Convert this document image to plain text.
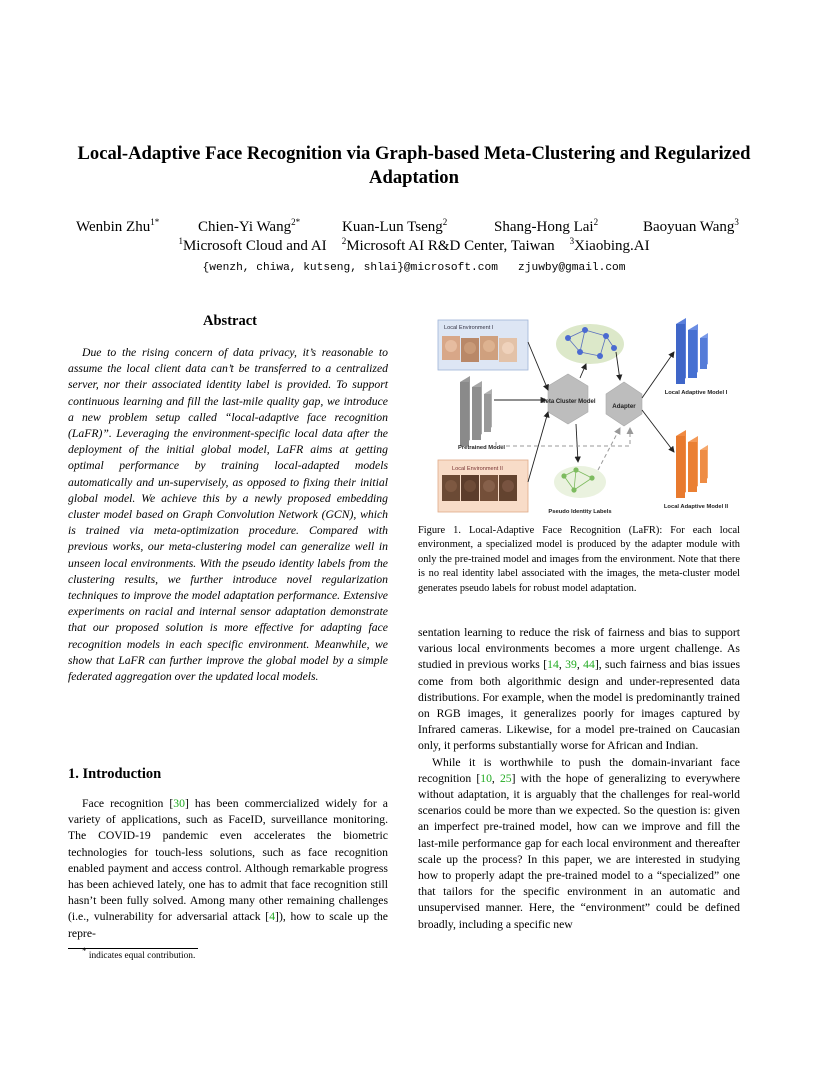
Local-Adaptive Face Recognition via Graph-based Meta-Clustering and Regularized Adaptation
Wenbin Zhu$^{1*}$	Chien-Yi Wang$^{2*}$	Kuan-Lun Tseng$^2$	Shang-Hong Lai$^2$	Baoyuan Wang$^3$
$^1$Microsoft Cloud and AI $^2$Microsoft AI R&D Center, Taiwan $^3$Xiaobing.AI
{wenzh, chiwa, kutseng, shlai}@microsoft.com   zjuwby@gmail.com
Abstract

Due to the rising concern of data privacy, it’s reasonable to assume the local client data can’t be transferred to a centralized server, nor their associated identity label is provided. To support continuous learning and fill the last-mile quality gap, we introduce a new problem setup called “local-adaptive face recognition (LaFR)”. Leveraging the environment-specific local data after the deployment of the initial global model, LaFR aims at getting optimal performance by training local-adapted models automatically and un-supervisely, as opposed to fixing their initial global model. We achieve this by a newly proposed embedding cluster model based on Graph Convolution Network (GCN), which is trained via meta-optimization procedure. Compared with previous works, our meta-clustering model can generalize well in unseen local environments. With the pseudo identity labels from the clustering results, we further introduce novel regularization techniques to improve the model adaptation performance. Extensive experiments on racial and internal sensor adaptation demonstrate that our proposed solution is more effective for adapting face recognition models in each specific environment. Meanwhile, we show that LaFR can further improve the global model by a simple federated aggregation over the updated local models.

1. Introduction

Face recognition [30] has been commercialized widely for a variety of applications, such as FaceID, surveillance monitoring. The COVID-19 pandemic even accelerates the biometric technologies for touch-less solutions, such as face recognition enabled payment and access control. Although remarkable progress has been achieved lately, one has to admit that face recognition still hasn’t been fully solved. Among many other remaining challenges (i.e., vulnerability for adversarial attack [4]), how to scale up the repre-

* indicates equal contribution.
Local Environment I
Pretrained Model
Local Environment II
Meta Cluster Model
Adapter
Pseudo Identity Labels
Local Adaptive Model I
Local Adaptive Model II

Figure 1. Local-Adaptive Face Recognition (LaFR): For each local environment, a specialized model is produced by the adapter module with only the pre-trained model and images from the environment. Note that there is no real identity label associated with the images, the meta-cluster model generates pseudo labels for robust model adaptation.

sentation learning to reduce the risk of fairness and bias to support various local environments becomes a more urgent challenge. As studied in previous works [14, 39, 44], such fairness and bias issues come from both algorithmic design and under-represented data distributions. For example, when the model is predominantly trained on RGB images, it generalizes poorly for images captured by Infrared cameras. Likewise, for a model pre-trained on Caucasian only, it performs substantially worse for African and Indian.

While it is worthwhile to push the domain-invariant face recognition [10, 25] with the hope of generalizing to everywhere without adaptation, it is arguably that the challenges for real-world scenarios could be more than we expected. So the question is: given an imperfect pre-trained model, how can we improve and fill the last-mile performance gap for each local environment and thereafter scale up the process? In this paper, we are interested in studying how to properly adapt the pre-trained model to a “specialized” one that tailors for the specific environment in an automatic and unsupervised manner. Here, the “environment” could be defined broadly, including a specific new
